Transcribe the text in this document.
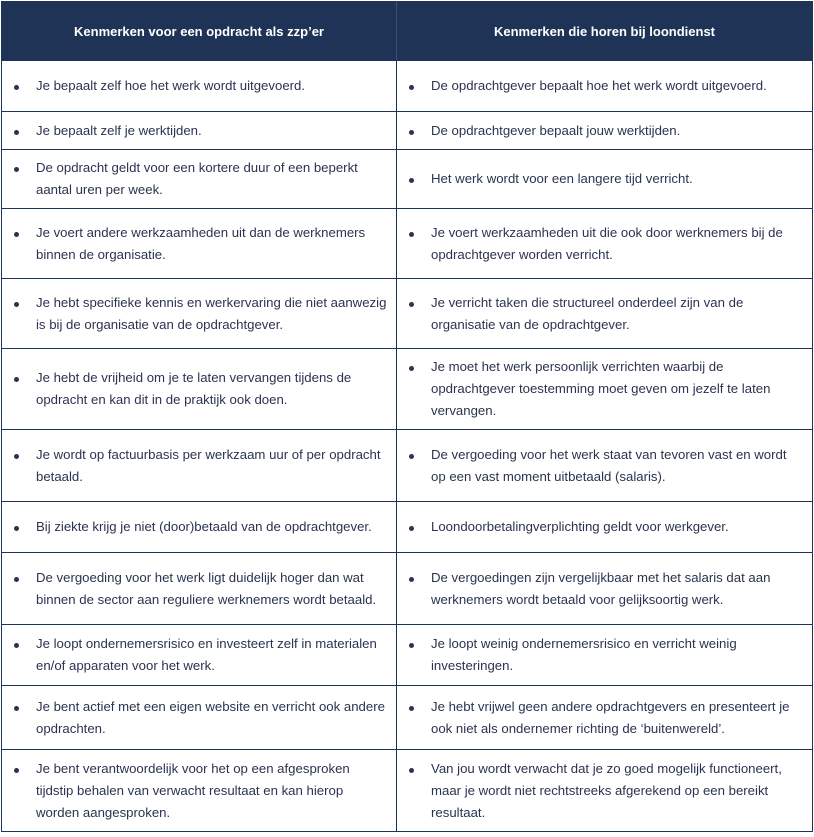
Kenmerken voor een opdracht als zzp’er	Kenmerken die horen bij loondienst

Je bepaalt zelf hoe het werk wordt uitgevoerd.	De opdrachtgever bepaalt hoe het werk wordt uitgevoerd.

Je bepaalt zelf je werktijden.	De opdrachtgever bepaalt jouw werktijden.

De opdracht geldt voor een kortere duur of een beperkt aantal uren per week.	Het werk wordt voor een langere tijd verricht.

Je voert andere werkzaamheden uit dan de werknemers binnen de organisatie.	Je voert werkzaamheden uit die ook door werknemers bij de opdrachtgever worden verricht.

Je hebt specifieke kennis en werkervaring die niet aanwezig is bij de organisatie van de opdrachtgever.	Je verricht taken die structureel onderdeel zijn van de organisatie van de opdrachtgever.

Je hebt de vrijheid om je te laten vervangen tijdens de opdracht en kan dit in de praktijk ook doen.	Je moet het werk persoonlijk verrichten waarbij de opdrachtgever toestemming moet geven om jezelf te laten vervangen.

Je wordt op factuurbasis per werkzaam uur of per opdracht betaald.	De vergoeding voor het werk staat van tevoren vast en wordt op een vast moment uitbetaald (salaris).

Bij ziekte krijg je niet (door)betaald van de opdrachtgever.	Loondoorbetalingverplichting geldt voor werkgever.

De vergoeding voor het werk ligt duidelijk hoger dan wat binnen de sector aan reguliere werknemers wordt betaald.	De vergoedingen zijn vergelijkbaar met het salaris dat aan werknemers wordt betaald voor gelijksoortig werk.

Je loopt ondernemersrisico en investeert zelf in materialen en/of apparaten voor het werk.	Je loopt weinig ondernemersrisico en verricht weinig investeringen.

Je bent actief met een eigen website en verricht ook andere opdrachten.	Je hebt vrijwel geen andere opdrachtgevers en presenteert je ook niet als ondernemer richting de ‘buitenwereld’.

Je bent verantwoordelijk voor het op een afgesproken tijdstip behalen van verwacht resultaat en kan hierop worden aangesproken.	Van jou wordt verwacht dat je zo goed mogelijk functioneert, maar je wordt niet rechtstreeks afgerekend op een bereikt resultaat.
